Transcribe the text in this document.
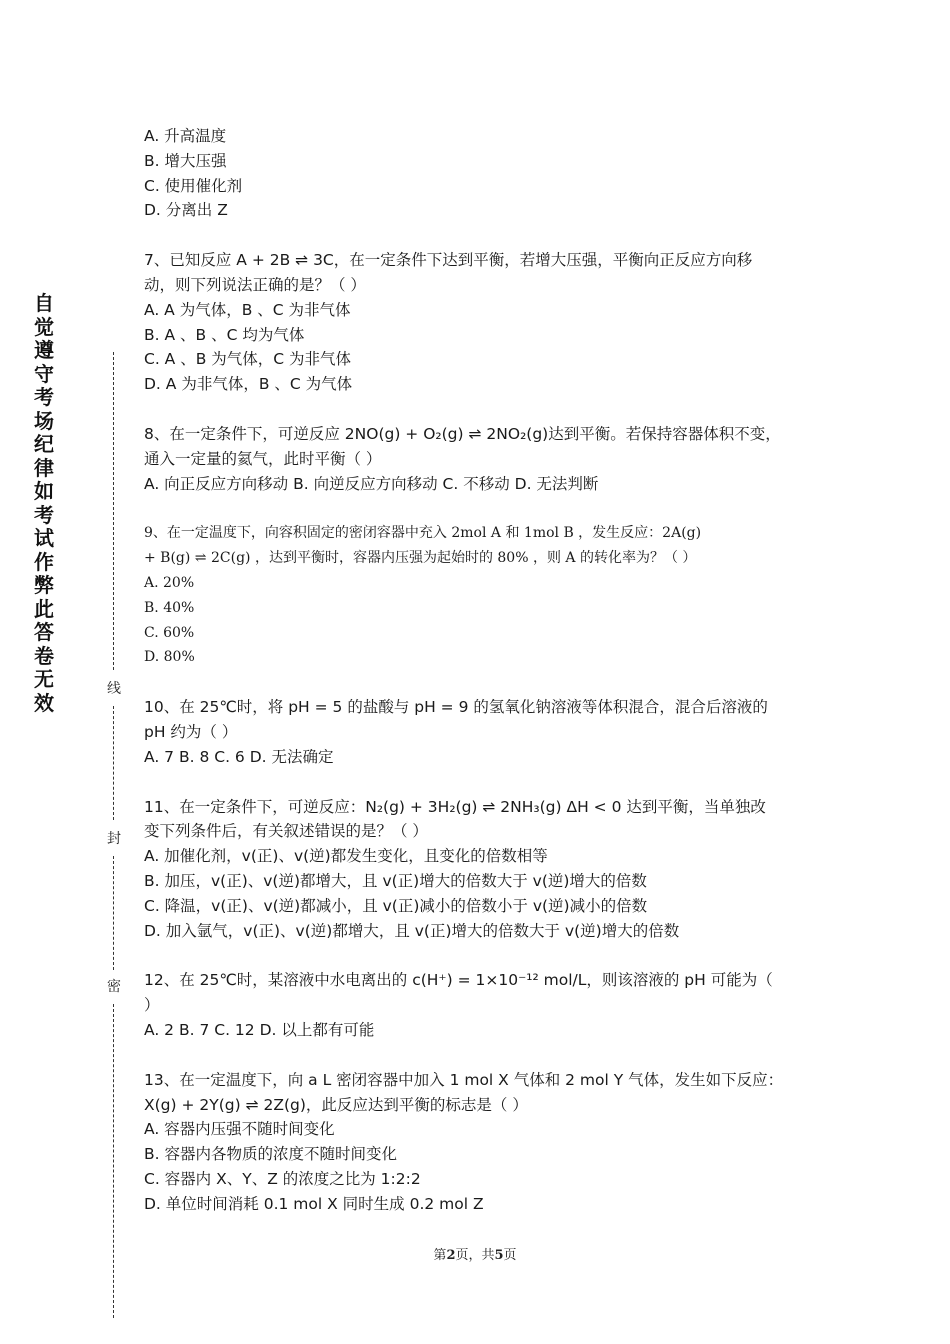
自
觉
遵
守
考
场
纪
律
如
考
试
作
弊
此
答
卷
无
效
线
封
密
A. 升高温度
B. 增大压强
C. 使用催化剂
D. 分离出 Z
7、已知反应 A + 2B ⇌ 3C，在一定条件下达到平衡，若增大压强，平衡向正反应方向移
动，则下列说法正确的是？（ ）
A. A 为气体，B 、C 为非气体
B. A 、B 、C 均为气体
C. A 、B 为气体，C 为非气体
D. A 为非气体，B 、C 为气体
8、在一定条件下，可逆反应 2NO(g) + O₂(g) ⇌ 2NO₂(g)达到平衡。若保持容器体积不变，
通入一定量的氦气，此时平衡（ ）
A. 向正反应方向移动 B. 向逆反应方向移动 C. 不移动 D. 无法判断
9、在一定温度下，向容积固定的密闭容器中充入 2mol A 和 1mol B ，发生反应：2A(g)
+ B(g) ⇌ 2C(g) ，达到平衡时，容器内压强为起始时的 80% ，则 A 的转化率为？（ ）
A. 20%
B. 40%
C. 60%
D. 80%
10、在 25℃时，将 pH = 5 的盐酸与 pH = 9 的氢氧化钠溶液等体积混合，混合后溶液的
pH 约为（ ）
A. 7 B. 8 C. 6 D. 无法确定
11、在一定条件下，可逆反应：N₂(g) + 3H₂(g) ⇌ 2NH₃(g) ΔH < 0 达到平衡，当单独改
变下列条件后，有关叙述错误的是？（ ）
A. 加催化剂，v(正)、v(逆)都发生变化，且变化的倍数相等
B. 加压，v(正)、v(逆)都增大，且 v(正)增大的倍数大于 v(逆)增大的倍数
C. 降温，v(正)、v(逆)都减小，且 v(正)减小的倍数小于 v(逆)减小的倍数
D. 加入氩气，v(正)、v(逆)都增大，且 v(正)增大的倍数大于 v(逆)增大的倍数
12、在 25℃时，某溶液中水电离出的 c(H⁺) = 1×10⁻¹² mol/L，则该溶液的 pH 可能为（
）
A. 2 B. 7 C. 12 D. 以上都有可能
13、在一定温度下，向 a L 密闭容器中加入 1 mol X 气体和 2 mol Y 气体，发生如下反应：
X(g) + 2Y(g) ⇌ 2Z(g)，此反应达到平衡的标志是（ ）
A. 容器内压强不随时间变化
B. 容器内各物质的浓度不随时间变化
C. 容器内 X、Y、Z 的浓度之比为 1:2:2
D. 单位时间消耗 0.1 mol X 同时生成 0.2 mol Z
第2页，共5页
